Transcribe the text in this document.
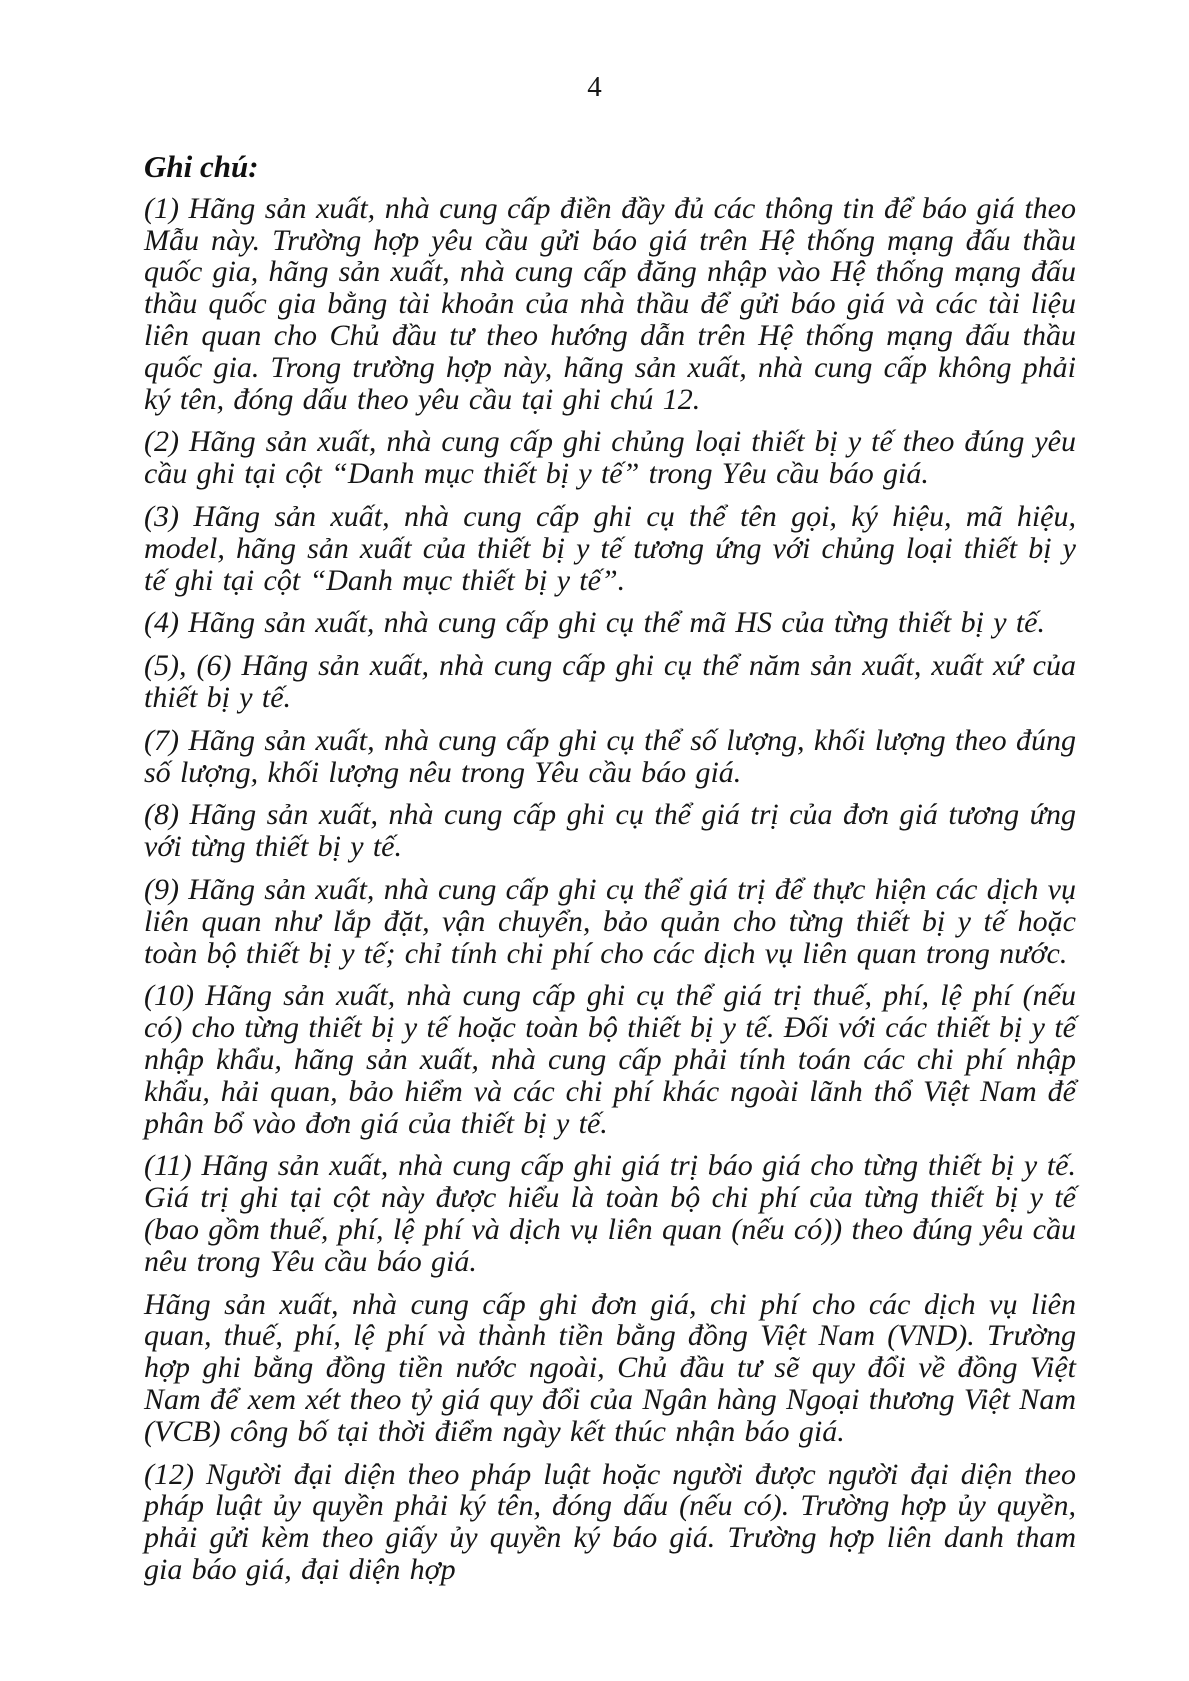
4
Ghi chú:

(1) Hãng sản xuất, nhà cung cấp điền đầy đủ các thông tin để báo giá theo Mẫu này. Trường hợp yêu cầu gửi báo giá trên Hệ thống mạng đấu thầu quốc gia, hãng sản xuất, nhà cung cấp đăng nhập vào Hệ thống mạng đấu thầu quốc gia bằng tài khoản của nhà thầu để gửi báo giá và các tài liệu liên quan cho Chủ đầu tư theo hướng dẫn trên Hệ thống mạng đấu thầu quốc gia. Trong trường hợp này, hãng sản xuất, nhà cung cấp không phải ký tên, đóng dấu theo yêu cầu tại ghi chú 12.

(2) Hãng sản xuất, nhà cung cấp ghi chủng loại thiết bị y tế theo đúng yêu cầu ghi tại cột “Danh mục thiết bị y tế” trong Yêu cầu báo giá.

(3) Hãng sản xuất, nhà cung cấp ghi cụ thể tên gọi, ký hiệu, mã hiệu, model, hãng sản xuất của thiết bị y tế tương ứng với chủng loại thiết bị y tế ghi tại cột “Danh mục thiết bị y tế”.

(4) Hãng sản xuất, nhà cung cấp ghi cụ thể mã HS của từng thiết bị y tế.

(5), (6) Hãng sản xuất, nhà cung cấp ghi cụ thể năm sản xuất, xuất xứ của thiết bị y tế.

(7) Hãng sản xuất, nhà cung cấp ghi cụ thể số lượng, khối lượng theo đúng số lượng, khối lượng nêu trong Yêu cầu báo giá.

(8) Hãng sản xuất, nhà cung cấp ghi cụ thể giá trị của đơn giá tương ứng với từng thiết bị y tế.

(9) Hãng sản xuất, nhà cung cấp ghi cụ thể giá trị để thực hiện các dịch vụ liên quan như lắp đặt, vận chuyển, bảo quản cho từng thiết bị y tế hoặc toàn bộ thiết bị y tế; chỉ tính chi phí cho các dịch vụ liên quan trong nước.

(10) Hãng sản xuất, nhà cung cấp ghi cụ thể giá trị thuế, phí, lệ phí (nếu có) cho từng thiết bị y tế hoặc toàn bộ thiết bị y tế. Đối với các thiết bị y tế nhập khẩu, hãng sản xuất, nhà cung cấp phải tính toán các chi phí nhập khẩu, hải quan, bảo hiểm và các chi phí khác ngoài lãnh thổ Việt Nam để phân bổ vào đơn giá của thiết bị y tế.

(11) Hãng sản xuất, nhà cung cấp ghi giá trị báo giá cho từng thiết bị y tế. Giá trị ghi tại cột này được hiểu là toàn bộ chi phí của từng thiết bị y tế (bao gồm thuế, phí, lệ phí và dịch vụ liên quan (nếu có)) theo đúng yêu cầu nêu trong Yêu cầu báo giá.

Hãng sản xuất, nhà cung cấp ghi đơn giá, chi phí cho các dịch vụ liên quan, thuế, phí, lệ phí và thành tiền bằng đồng Việt Nam (VND). Trường hợp ghi bằng đồng tiền nước ngoài, Chủ đầu tư sẽ quy đổi về đồng Việt Nam để xem xét theo tỷ giá quy đổi của Ngân hàng Ngoại thương Việt Nam (VCB) công bố tại thời điểm ngày kết thúc nhận báo giá.

(12) Người đại diện theo pháp luật hoặc người được người đại diện theo pháp luật ủy quyền phải ký tên, đóng dấu (nếu có). Trường hợp ủy quyền, phải gửi kèm theo giấy ủy quyền ký báo giá. Trường hợp liên danh tham gia báo giá, đại diện hợp
